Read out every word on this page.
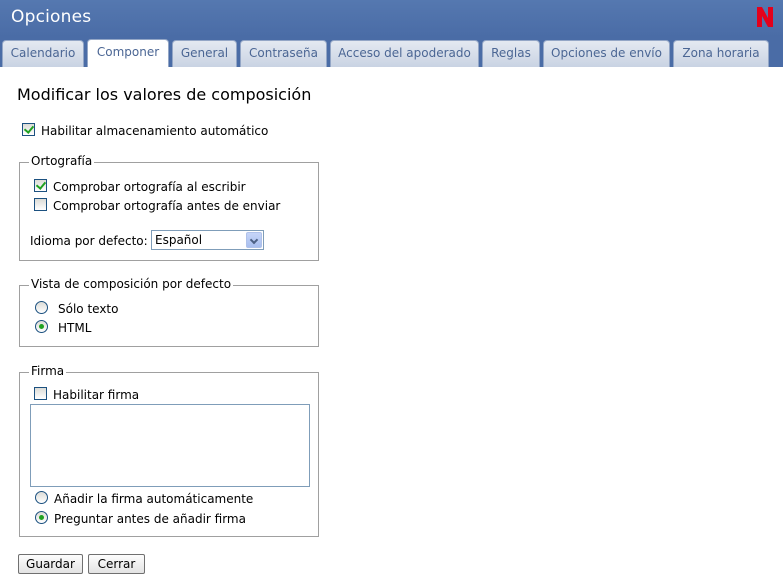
Opciones
Calendario	Componer	General	Contraseña	Acceso del apoderado	Reglas	Opciones de envío	Zona horaria
Modificar los valores de composición
Habilitar almacenamiento automático
Ortografía
Comprobar ortografía al escribir
Comprobar ortografía antes de enviar
Idioma por defecto: Español
Vista de composición por defecto
Sólo texto
HTML
Firma
Habilitar firma
Añadir la firma automáticamente
Preguntar antes de añadir firma
Guardar	Cerrar
